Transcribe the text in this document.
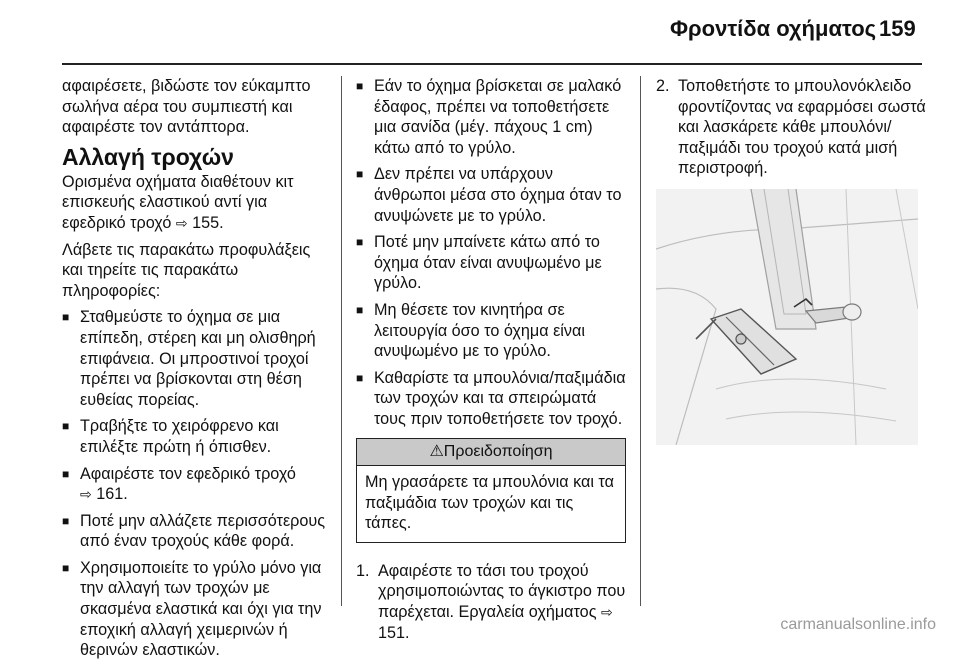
Φροντίδα οχήματος 159

αφαιρέσετε, βιδώστε τον εύκαμπτο σωλήνα αέρα του συμπιεστή και αφαιρέστε τον αντάπτορα.

Αλλαγή τροχών

Ορισμένα οχήματα διαθέτουν κιτ επισκευής ελαστικού αντί για εφεδρικό τροχό ⇨ 155.

Λάβετε τις παρακάτω προφυλάξεις και τηρείτε τις παρακάτω πληροφορίες:

■ Σταθμεύστε το όχημα σε μια επίπεδη, στέρεη και μη ολισθηρή επιφάνεια. Οι μπροστινοί τροχοί πρέπει να βρίσκονται στη θέση ευθείας πορείας.
■ Τραβήξτε το χειρόφρενο και επιλέξτε πρώτη ή όπισθεν.
■ Αφαιρέστε τον εφεδρικό τροχό
⇨ 161.
■ Ποτέ μην αλλάζετε περισσότερους από έναν τροχούς κάθε φορά.
■ Χρησιμοποιείτε το γρύλο μόνο για την αλλαγή των τροχών με σκασμένα ελαστικά και όχι για την εποχική αλλαγή χειμερινών ή θερινών ελαστικών.
■ Εάν το όχημα βρίσκεται σε μαλακό έδαφος, πρέπει να τοποθετήσετε μια σανίδα (μέγ. πάχους 1 cm) κάτω από το γρύλο.
■ Δεν πρέπει να υπάρχουν άνθρωποι μέσα στο όχημα όταν το ανυψώνετε με το γρύλο.
■ Ποτέ μην μπαίνετε κάτω από το όχημα όταν είναι ανυψωμένο με γρύλο.
■ Μη θέσετε τον κινητήρα σε λειτουργία όσο το όχημα είναι ανυψωμένο με το γρύλο.
■ Καθαρίστε τα μπουλόνια/παξιμάδια των τροχών και τα σπειρώματά τους πριν τοποθετήσετε τον τροχό.
⚠Προειδοποίηση
Μη γρασάρετε τα μπουλόνια και τα παξιμάδια των τροχών και τις τάπες.
1. Αφαιρέστε το τάσι του τροχού χρησιμοποιώντας το άγκιστρο που παρέχεται. Εργαλεία οχήματος ⇨ 151.
2. Τοποθετήστε το μπουλονόκλειδο φροντίζοντας να εφαρμόσει σωστά και λασκάρετε κάθε μπουλόνι/παξιμάδι του τροχού κατά μισή περιστροφή.
carmanualsonline.info
